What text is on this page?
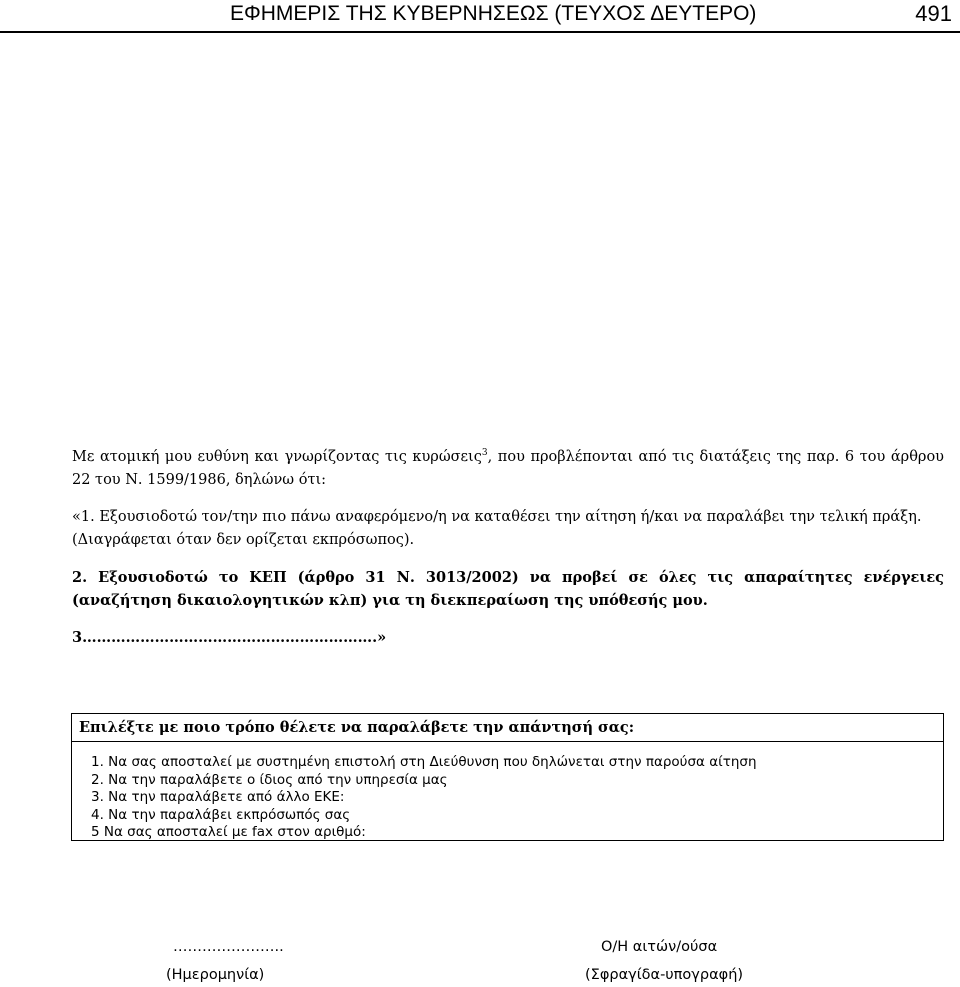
ΕΦΗΜΕΡΙΣ ΤΗΣ ΚΥΒΕΡΝΗΣΕΩΣ (ΤΕΥΧΟΣ ΔΕΥΤΕΡΟ)	491

Με ατομική μου ευθύνη και γνωρίζοντας τις κυρώσεις$^3$, που προβλέπονται από τις διατάξεις της παρ. 6 του άρθρου 22 του Ν. 1599/1986, δηλώνω ότι:

«1. Εξουσιοδοτώ τον/την πιο πάνω αναφερόμενο/η να καταθέσει την αίτηση ή/και να παραλάβει την τελική πράξη. (Διαγράφεται όταν δεν ορίζεται εκπρόσωπος).

2. Εξουσιοδοτώ το ΚΕΠ (άρθρο 31 Ν. 3013/2002) να προβεί σε όλες τις απαραίτητες ενέργειες (αναζήτηση δικαιολογητικών κλπ) για τη διεκπεραίωση της υπόθεσής μου.

3…………………………………………………….»

Επιλέξτε με ποιο τρόπο θέλετε να παραλάβετε την απάντησή σας:
1. Να σας αποσταλεί με συστημένη επιστολή στη Διεύθυνση που δηλώνεται στην παρούσα αίτηση
2. Να την παραλάβετε ο ίδιος από την υπηρεσία μας
3. Να την παραλάβετε από άλλο ΕΚΕ:
4. Να την παραλάβει εκπρόσωπός σας
5 Να σας αποσταλεί με fax στον αριθμό:
…………………..
(Ημερομηνία)
Ο/Η αιτών/ούσα
(Σφραγίδα-υπογραφή)
